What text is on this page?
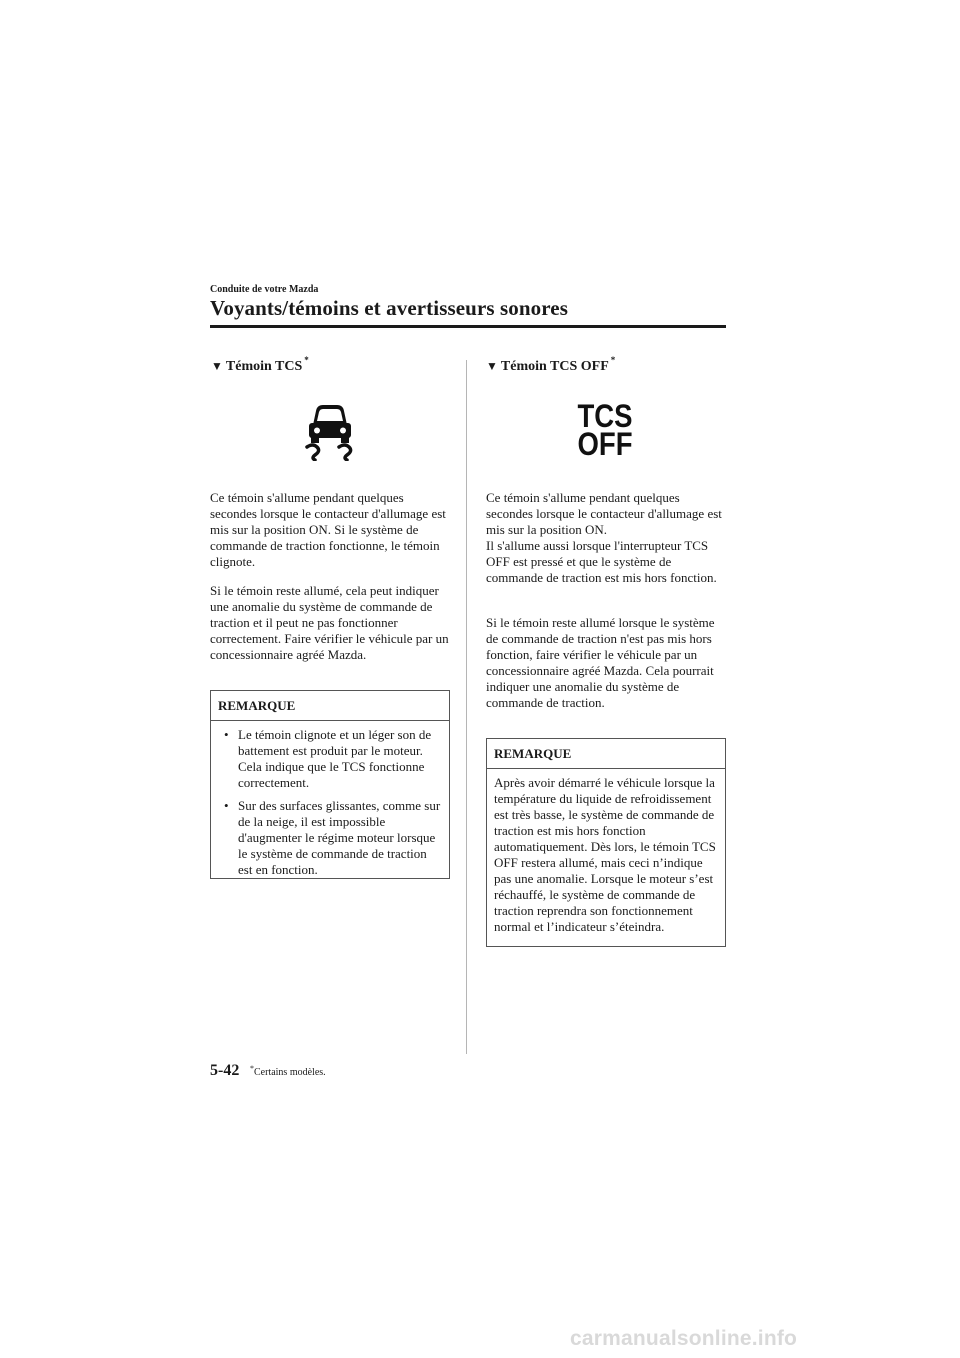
Conduite de votre Mazda
Voyants/témoins et avertisseurs sonores
▼ Témoin TCS *
Ce témoin s'allume pendant quelques secondes lorsque le contacteur d'allumage est mis sur la position ON. Si le système de commande de traction fonctionne, le témoin clignote.
Si le témoin reste allumé, cela peut indiquer une anomalie du système de commande de traction et il peut ne pas fonctionner correctement. Faire vérifier le véhicule par un concessionnaire agréé Mazda.
REMARQUE
• Le témoin clignote et un léger son de battement est produit par le moteur. Cela indique que le TCS fonctionne correctement.
• Sur des surfaces glissantes, comme sur de la neige, il est impossible d'augmenter le régime moteur lorsque le système de commande de traction est en fonction.
▼ Témoin TCS OFF *
TCS
OFF
Ce témoin s'allume pendant quelques secondes lorsque le contacteur d'allumage est mis sur la position ON.
Il s'allume aussi lorsque l'interrupteur TCS OFF est pressé et que le système de commande de traction est mis hors fonction.
Si le témoin reste allumé lorsque le système de commande de traction n'est pas mis hors fonction, faire vérifier le véhicule par un concessionnaire agréé Mazda. Cela pourrait indiquer une anomalie du système de commande de traction.
REMARQUE
Après avoir démarré le véhicule lorsque la température du liquide de refroidissement est très basse, le système de commande de traction est mis hors fonction automatiquement. Dès lors, le témoin TCS OFF restera allumé, mais ceci n’indique pas une anomalie. Lorsque le moteur s’est réchauffé, le système de commande de traction reprendra son fonctionnement normal et l’indicateur s’éteindra.
5-42 *Certains modèles.
carmanualsonline.info
